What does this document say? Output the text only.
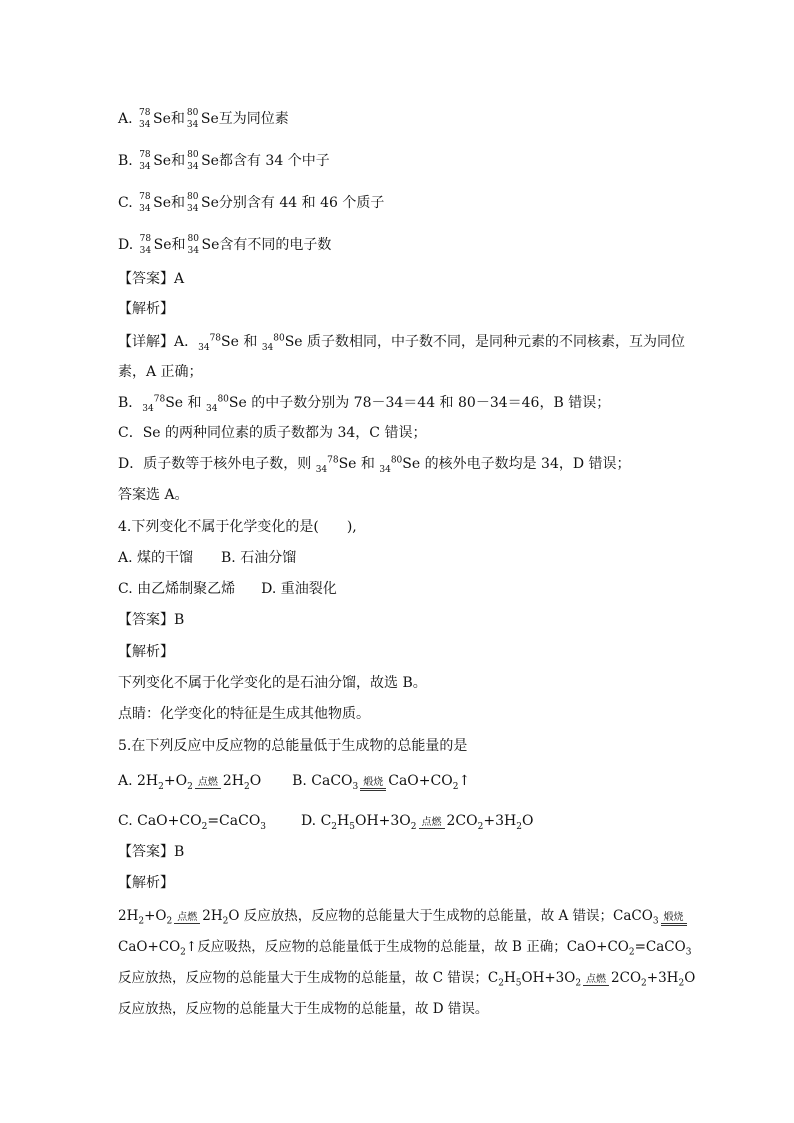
A. 78
34 Se和 80
34 Se互为同位素
B. 78
34 Se和 80
34 Se都含有 34 个中子
C. 78
34 Se和 80
34 Se分别含有 44 和 46 个质子
D. 78
34 Se和 80
34 Se含有不同的电子数
【答案】A
【解析】
【详解】A．$_{34}^{78}$Se 和 $_{34}^{80}$Se 质子数相同，中子数不同，是同种元素的不同核素，互为同位
素，A 正确；
B．$_{34}^{78}$Se 和 $_{34}^{80}$Se 的中子数分别为 78－34＝44 和 80－34＝46，B 错误；
C．Se 的两种同位素的质子数都为 34，C 错误；
D．质子数等于核外电子数，则 $_{34}^{78}$Se 和 $_{34}^{80}$Se 的核外电子数均是 34，D 错误；
答案选 A。
4.下列变化不属于化学变化的是(　　),
A. 煤的干馏 B. 石油分馏
C. 由乙烯制聚乙烯 D. 重油裂化
【答案】B
【解析】
下列变化不属于化学变化的是石油分馏，故选 B。
点睛：化学变化的特征是生成其他物质。
5.在下列反应中反应物的总能量低于生成物的总能量的是
A. $2H_2+O_2$ 点燃 $2H_2O$  B. CaCO$_3$ 煅烧 $CaO+CO_2↑$
C. $CaO+CO_2=CaCO_3$ D. $C_2H_5OH+3O_2$ 点燃 $2CO_2+3H_2O$
【答案】B
【解析】
$2H_2+O_2$ 点燃 $2H_2O$ 反应放热，反应物的总能量大于生成物的总能量，故 A 错误；CaCO$_3$ 煅烧
$CaO+CO_2↑$反应吸热，反应物的总能量低于生成物的总能量，故 B 正确；$CaO+CO_2=CaCO_3$
反应放热，反应物的总能量大于生成物的总能量，故 C 错误；$C_2H_5OH+3O_2$ 点燃 $2CO_2+3H_2O$
反应放热，反应物的总能量大于生成物的总能量，故 D 错误。
